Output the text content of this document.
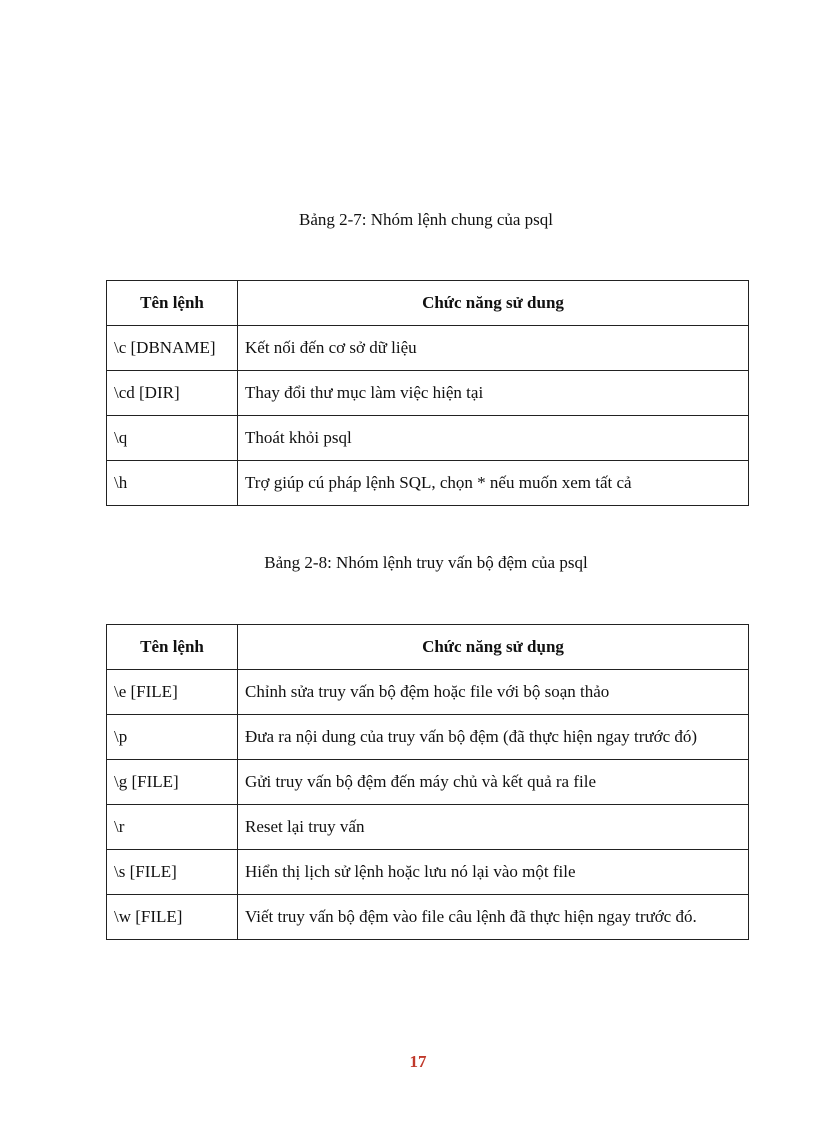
Bảng 2-7: Nhóm lệnh chung của psql
Tên lệnh	Chức năng sử dung
\c [DBNAME]	Kết nối đến cơ sở dữ liệu
\cd [DIR]	Thay đổi thư mục làm việc hiện tại
\q	Thoát khỏi psql
\h	Trợ giúp cú pháp lệnh SQL, chọn * nếu muốn xem tất cả
Bảng 2-8: Nhóm lệnh truy vấn bộ đệm của psql
Tên lệnh	Chức năng sử dụng
\e [FILE]	Chỉnh sửa truy vấn bộ đệm hoặc file với bộ soạn thảo
\p	Đưa ra nội dung của truy vấn bộ đệm (đã thực hiện ngay trước đó)
\g [FILE]	Gửi truy vấn bộ đệm đến máy chủ và kết quả ra file
\r	Reset lại truy vấn
\s [FILE]	Hiển thị lịch sử lệnh hoặc lưu nó lại vào một file
\w [FILE]	Viết truy vấn bộ đệm vào file câu lệnh đã thực hiện ngay trước đó.
17
